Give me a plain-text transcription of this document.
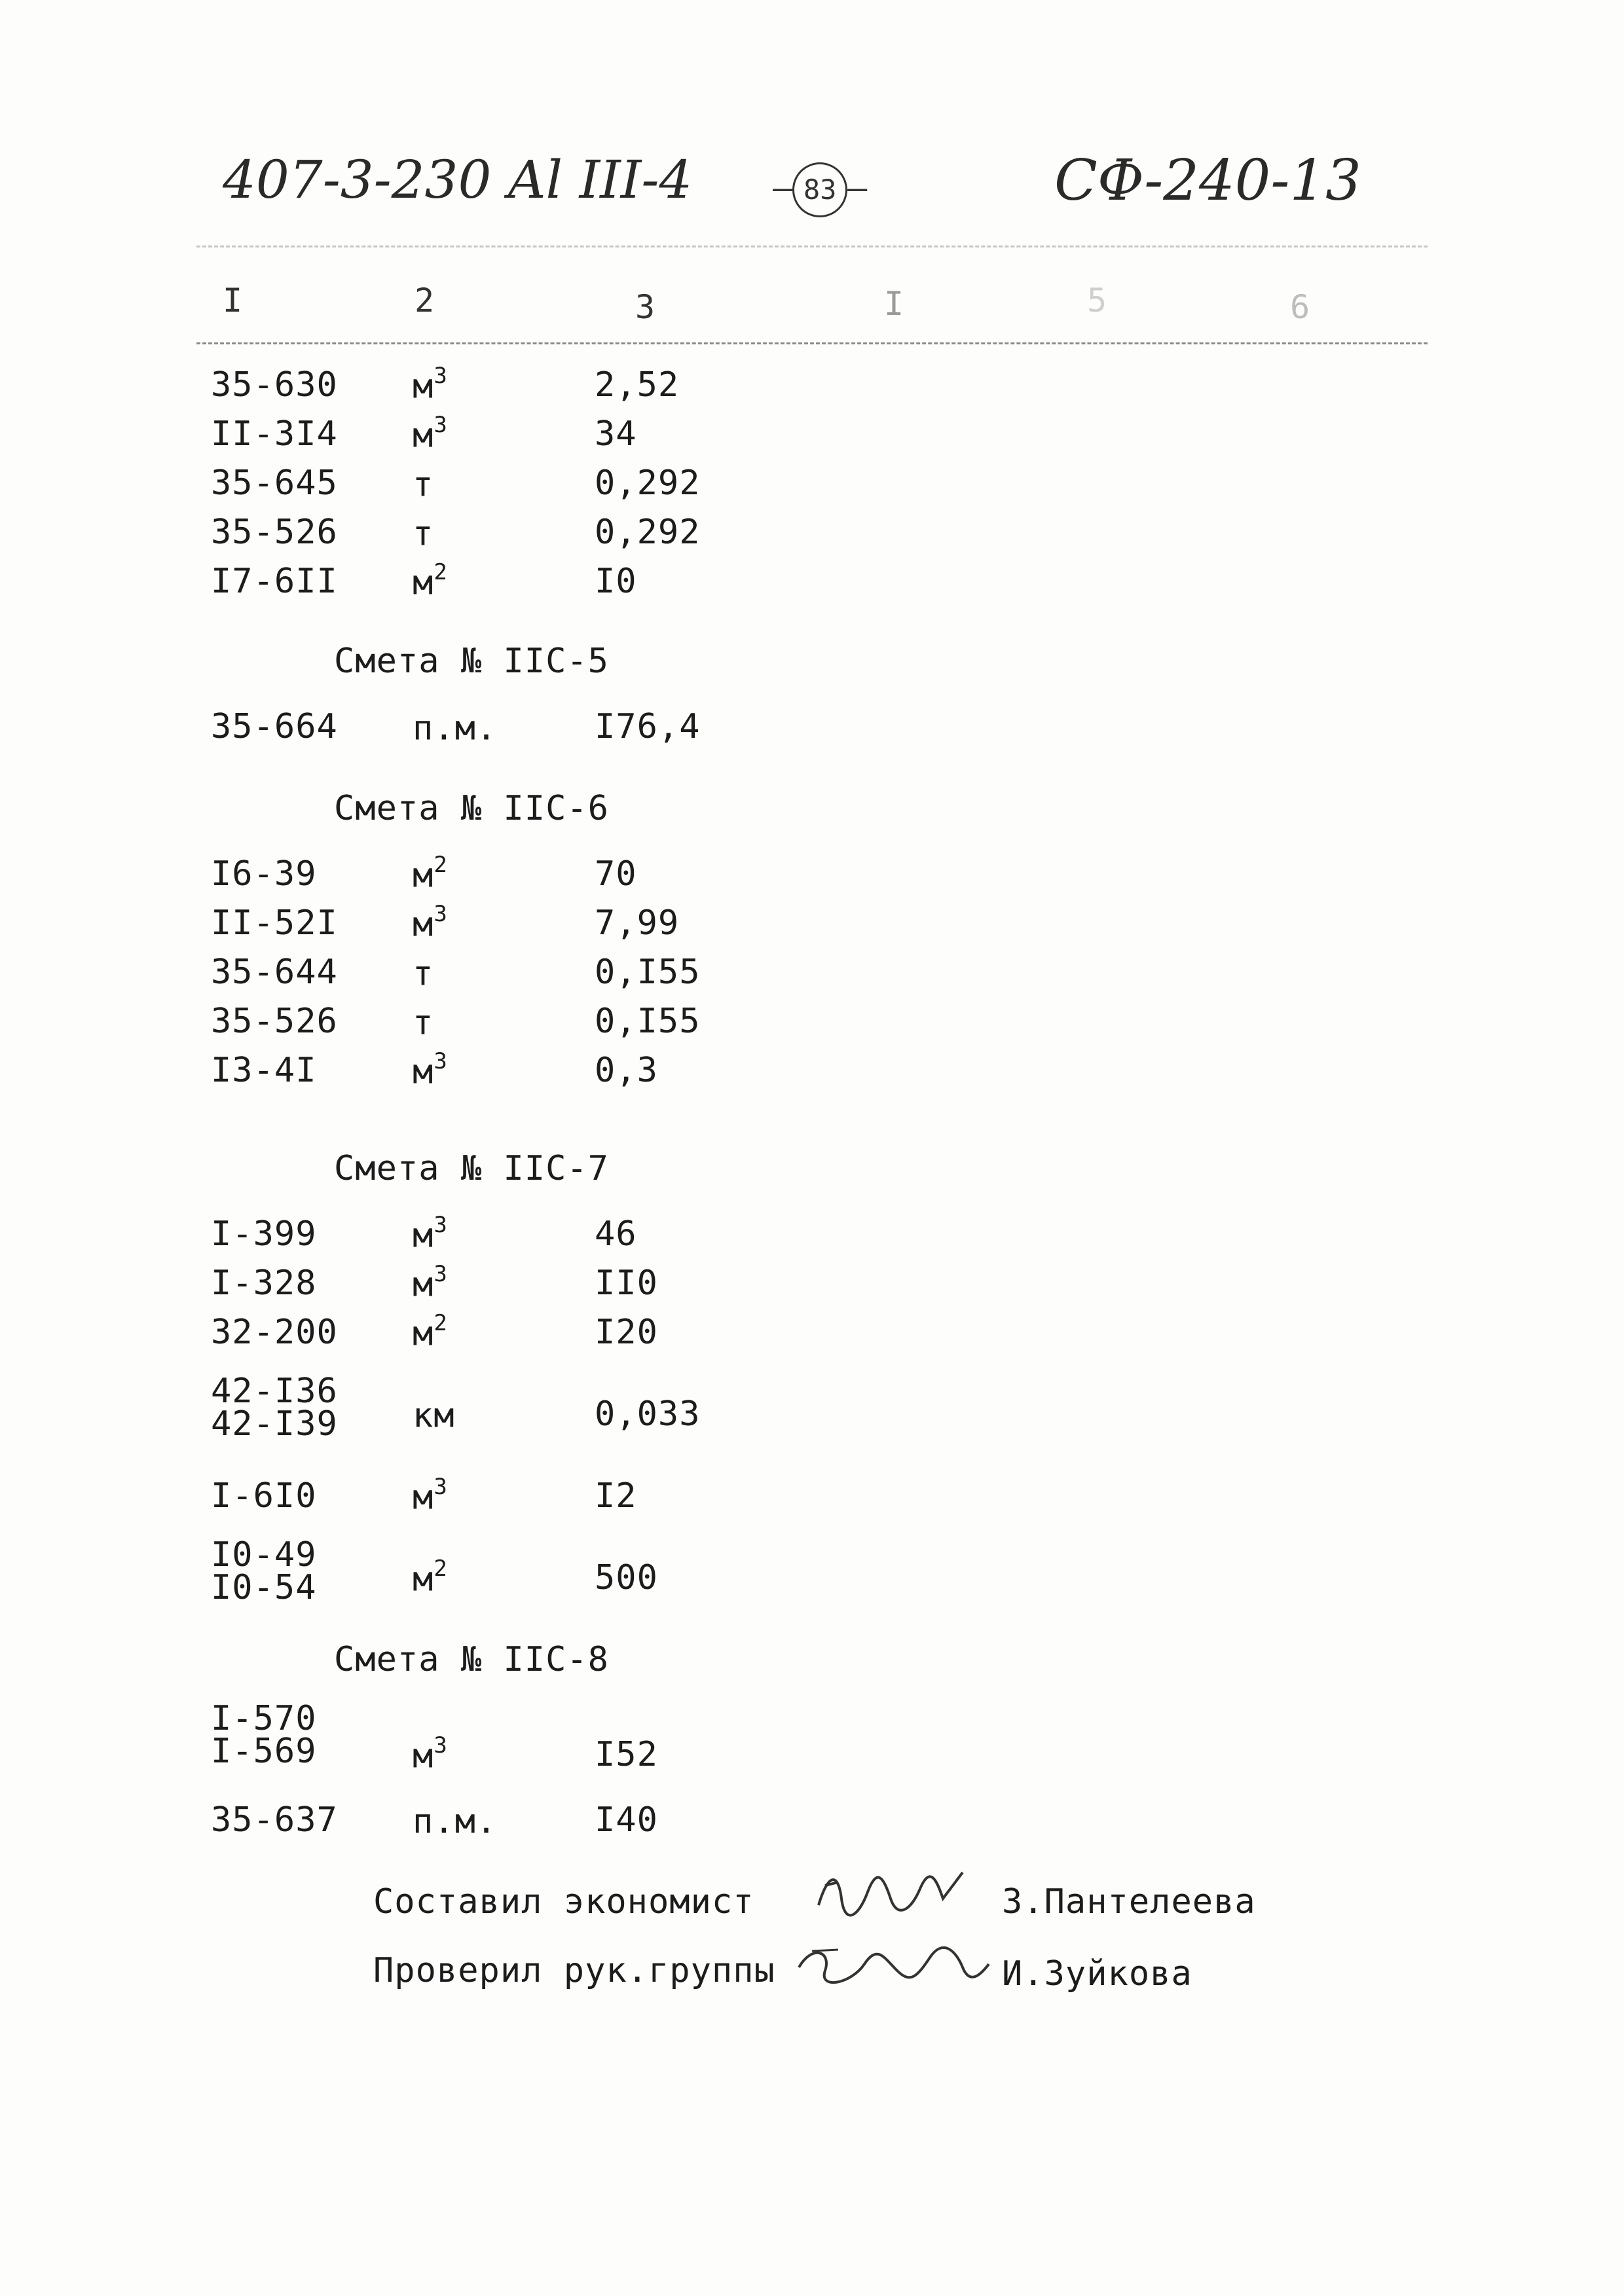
407-3-230 Al III-4 – 83 –	СФ-240-13
I	2	3	I	5	6
35-630 $м^3$	2,52
II-3I4 $м^3$	34
35-645 т	0,292
35-526 т	0,292
I7-6II $м^2$	I0
Смета № IIС-5
35-664 п.м.	I76,4
Смета № IIС-6
I6-39	$м^2$	70
II-52I $м^3$	7,99
35-644 т	0,I55
35-526 т	0,I55
I3-4I	$м^3$	0,3
Смета № IIС-7
I-399	$м^3$	46
I-328	$м^3$	II0
32-200 $м^2$	I20
42-I36
42-I39 км	0,033
I-6I0	$м^3$	I2
I0-49
I0-54	$м^2$	500
Смета № IIС-8
I-570
I-569	$м^3$	I52
35-637 п.м.	I40
Составил экономист	З.Пантелеева
Проверил рук.группы	И.Зуйкова
